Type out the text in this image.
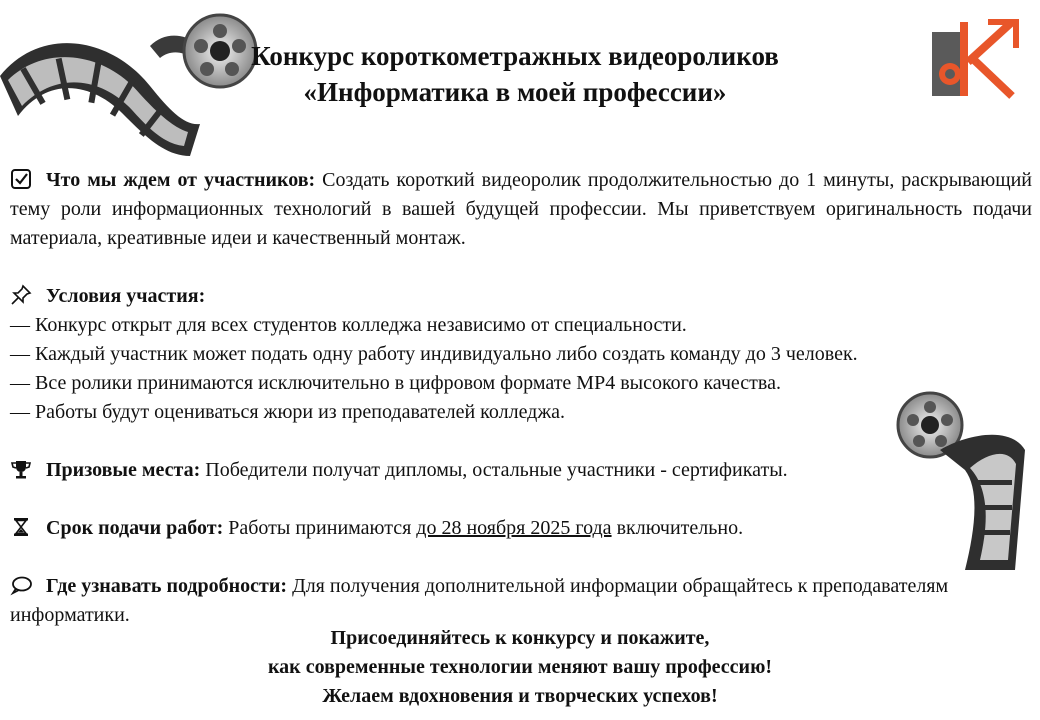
Конкурс короткометражных видеороликов
«Информатика в моей профессии»

Что мы ждем от участников: Создать короткий видеоролик продолжительностью до 1 минуты, раскрывающий тему роли информационных технологий в вашей будущей профессии. Мы приветствуем оригинальность подачи материала, креативные идеи и качественный монтаж.

Условия участия:

— Конкурс открыт для всех студентов колледжа независимо от специальности.
— Каждый участник может подать одну работу индивидуально либо создать команду до 3 человек.
— Все ролики принимаются исключительно в цифровом формате MP4 высокого качества.
— Работы будут оцениваться жюри из преподавателей колледжа.

Призовые места: Победители получат дипломы, остальные участники - сертификаты.

Срок подачи работ: Работы принимаются до 28 ноября 2025 года включительно.

Где узнавать подробности: Для получения дополнительной информации обращайтесь к преподавателям информатики.

Присоединяйтесь к конкурсу и покажите,
как современные технологии меняют вашу профессию!
Желаем вдохновения и творческих успехов!
